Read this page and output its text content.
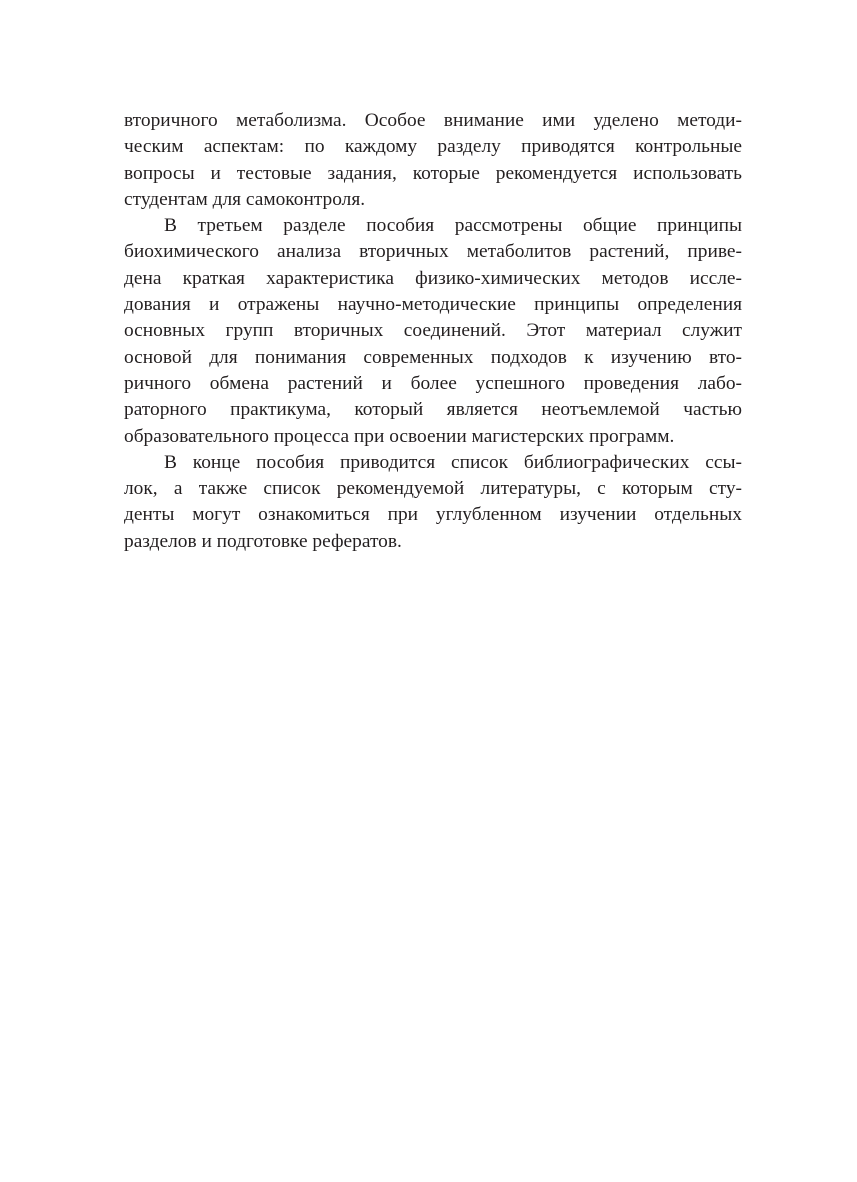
вторичного метаболизма. Особое внимание ими уделено методи-
ческим аспектам: по каждому разделу приводятся контрольные
вопросы и тестовые задания, которые рекомендуется использовать
студентам для самоконтроля.
В третьем разделе пособия рассмотрены общие принципы
биохимического анализа вторичных метаболитов растений, приве-
дена краткая характеристика физико-химических методов иссле-
дования и отражены научно-методические принципы определения
основных групп вторичных соединений. Этот материал служит
основой для понимания современных подходов к изучению вто-
ричного обмена растений и более успешного проведения лабо-
раторного практикума, который является неотъемлемой частью
образовательного процесса при освоении магистерских программ.
В конце пособия приводится список библиографических ссы-
лок, а также список рекомендуемой литературы, с которым сту-
денты могут ознакомиться при углубленном изучении отдельных
разделов и подготовке рефератов.
